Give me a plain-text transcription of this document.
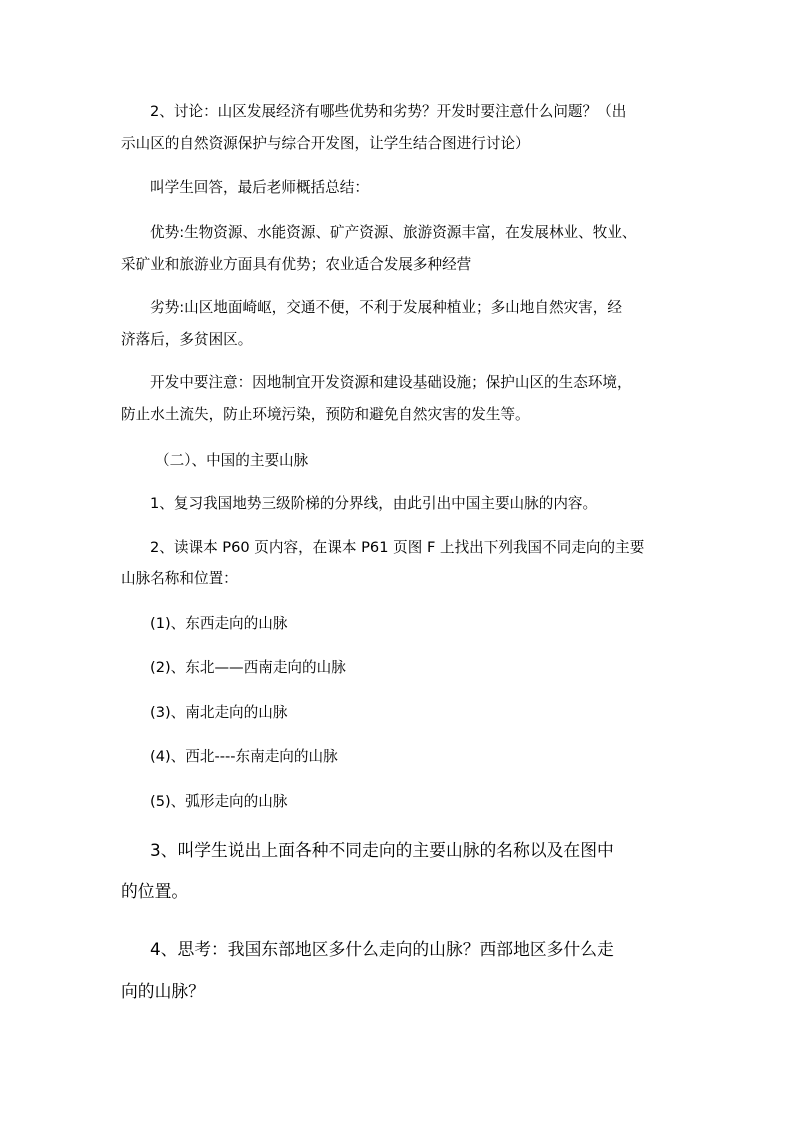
2、讨论：山区发展经济有哪些优势和劣势？开发时要注意什么问题？（出

示山区的自然资源保护与综合开发图，让学生结合图进行讨论）

叫学生回答，最后老师概括总结：

优势:生物资源、水能资源、矿产资源、旅游资源丰富，在发展林业、牧业、

采矿业和旅游业方面具有优势；农业适合发展多种经营

劣势:山区地面崎岖，交通不便，不利于发展种植业；多山地自然灾害，经

济落后，多贫困区。

开发中要注意：因地制宜开发资源和建设基础设施；保护山区的生态环境，

防止水土流失，防止环境污染，预防和避免自然灾害的发生等。

（二）、中国的主要山脉

1、复习我国地势三级阶梯的分界线，由此引出中国主要山脉的内容。

2、读课本 P60 页内容，在课本 P61 页图 F 上找出下列我国不同走向的主要

山脉名称和位置：

(1)、东西走向的山脉

(2)、东北——西南走向的山脉

(3)、南北走向的山脉

(4)、西北----东南走向的山脉

(5)、弧形走向的山脉

3、叫学生说出上面各种不同走向的主要山脉的名称以及在图中

的位置。

4、思考：我国东部地区多什么走向的山脉？西部地区多什么走

向的山脉？
